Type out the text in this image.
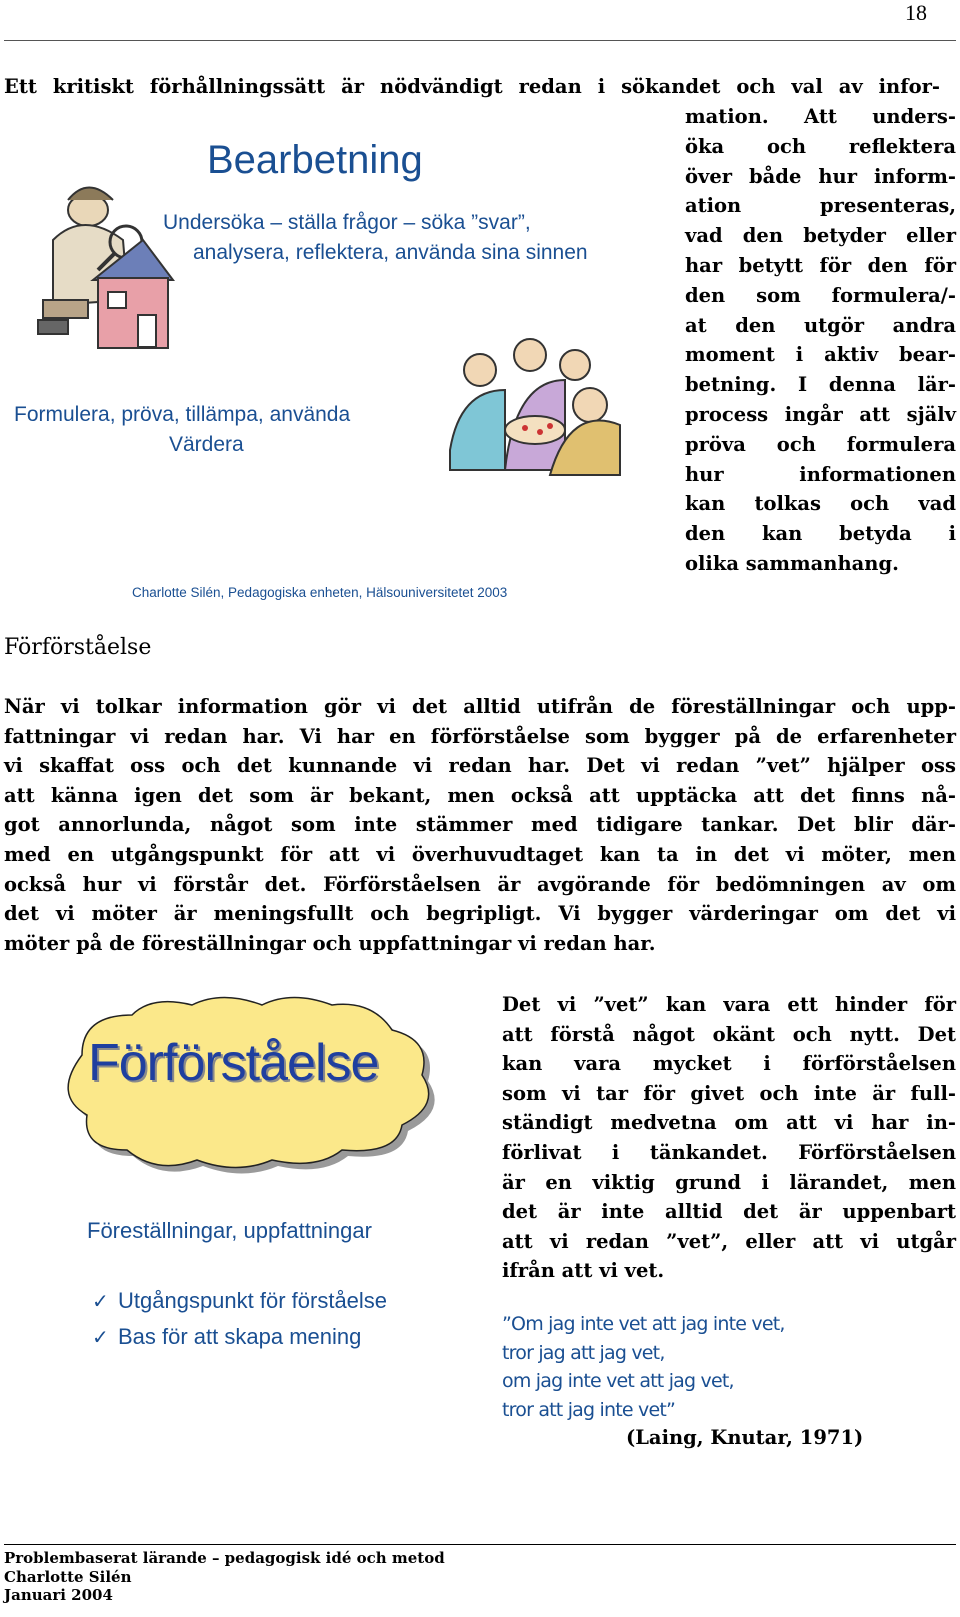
18
Ett kritiskt förhållningssätt är nödvändigt redan i sökandet och val av infor-
Bearbetning
Undersöka – ställa frågor – söka ”svar”,
analysera, reflektera, använda sina sinnen
Formulera, pröva, tillämpa, använda
Värdera
Charlotte Silén, Pedagogiska enheten, Hälsouniversitetet 2003
mation. Att unders-
öka och reflektera
över både hur inform-
ation presenteras,
vad den betyder eller
har betytt för den för
den som formulera/-
at den utgör andra
moment i aktiv bear-
betning. I denna lär-
process ingår att själv
pröva och formulera
hur informationen
kan tolkas och vad
den kan betyda i
olika sammanhang.
Förförståelse
När vi tolkar information gör vi det alltid utifrån de föreställningar och upp-
fattningar vi redan har. Vi har en förförståelse som bygger på de erfarenheter
vi skaffat oss och det kunnande vi redan har. Det vi redan ”vet” hjälper oss
att känna igen det som är bekant, men också att upptäcka att det finns nå-
got annorlunda, något som inte stämmer med tidigare tankar. Det blir där-
med en utgångspunkt för att vi överhuvudtaget kan ta in det vi möter, men
också hur vi förstår det. Förförståelsen är avgörande för bedömningen av om
det vi möter är meningsfullt och begripligt. Vi bygger värderingar om det vi
möter på de föreställningar och uppfattningar vi redan har.
Förförståelse
Föreställningar, uppfattningar
✓ Utgångspunkt för förståelse
✓ Bas för att skapa mening
Det vi ”vet” kan vara ett hinder för
att förstå något okänt och nytt. Det
kan vara mycket i förförståelsen
som vi tar för givet och inte är full-
ständigt medvetna om att vi har in-
förlivat i tänkandet. Förförståelsen
är en viktig grund i lärandet, men
det är inte alltid det är uppenbart
att vi redan ”vet”, eller att vi utgår
ifrån att vi vet.
”Om jag inte vet att jag inte vet,
tror jag att jag vet,
om jag inte vet att jag vet,
tror att jag inte vet”
(Laing, Knutar, 1971)
Problembaserat lärande – pedagogisk idé och metod
Charlotte Silén
Januari 2004
